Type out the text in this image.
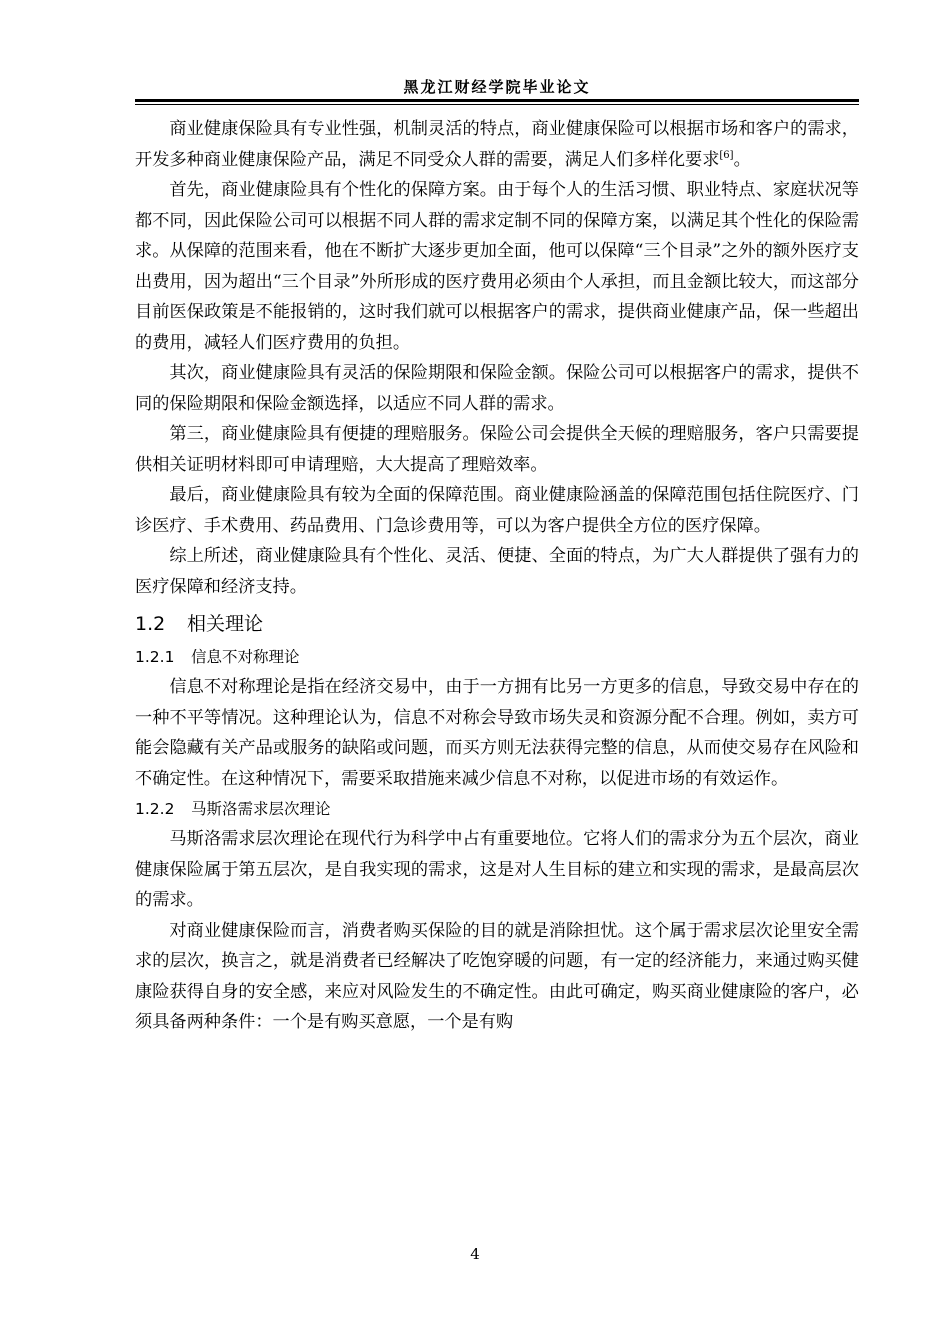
黑龙江财经学院毕业论文

商业健康保险具有专业性强，机制灵活的特点，商业健康保险可以根据市场和客户的需求，开发多种商业健康保险产品，满足不同受众人群的需要，满足人们多样化要求[6]。

首先，商业健康险具有个性化的保障方案。由于每个人的生活习惯、职业特点、家庭状况等都不同，因此保险公司可以根据不同人群的需求定制不同的保障方案，以满足其个性化的保险需求。从保障的范围来看，他在不断扩大逐步更加全面，他可以保障“三个目录”之外的额外医疗支出费用，因为超出“三个目录”外所形成的医疗费用必须由个人承担，而且金额比较大，而这部分目前医保政策是不能报销的，这时我们就可以根据客户的需求，提供商业健康产品，保一些超出的费用，减轻人们医疗费用的负担。

其次，商业健康险具有灵活的保险期限和保险金额。保险公司可以根据客户的需求，提供不同的保险期限和保险金额选择，以适应不同人群的需求。

第三，商业健康险具有便捷的理赔服务。保险公司会提供全天候的理赔服务，客户只需要提供相关证明材料即可申请理赔，大大提高了理赔效率。

最后，商业健康险具有较为全面的保障范围。商业健康险涵盖的保障范围包括住院医疗、门诊医疗、手术费用、药品费用、门急诊费用等，可以为客户提供全方位的医疗保障。

综上所述，商业健康险具有个性化、灵活、便捷、全面的特点，为广大人群提供了强有力的医疗保障和经济支持。

1.2 相关理论
1.2.1 信息不对称理论

信息不对称理论是指在经济交易中，由于一方拥有比另一方更多的信息，导致交易中存在的一种不平等情况。这种理论认为，信息不对称会导致市场失灵和资源分配不合理。例如，卖方可能会隐藏有关产品或服务的缺陷或问题，而买方则无法获得完整的信息，从而使交易存在风险和不确定性。在这种情况下，需要采取措施来减少信息不对称，以促进市场的有效运作。

1.2.2 马斯洛需求层次理论

马斯洛需求层次理论在现代行为科学中占有重要地位。它将人们的需求分为五个层次，商业健康保险属于第五层次，是自我实现的需求，这是对人生目标的建立和实现的需求，是最高层次的需求。

对商业健康保险而言，消费者购买保险的目的就是消除担忧。这个属于需求层次论里安全需求的层次，换言之，就是消费者已经解决了吃饱穿暖的问题，有一定的经济能力，来通过购买健康险获得自身的安全感，来应对风险发生的不确定性。由此可确定，购买商业健康险的客户，必须具备两种条件：一个是有购买意愿，一个是有购

4
